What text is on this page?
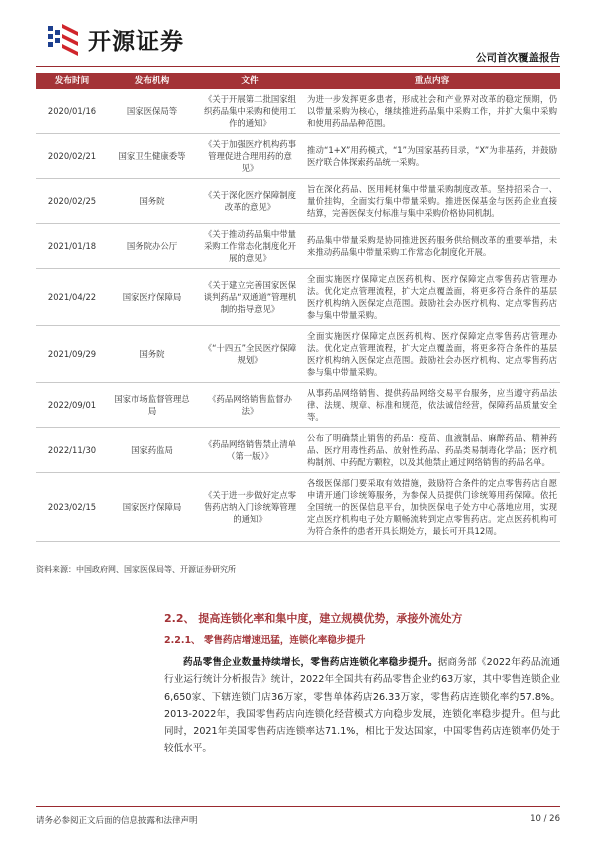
开源证券
公司首次覆盖报告
发布时间	发布机构	文件	重点内容
2020/01/16	国家医保局等	《关于开展第二批国家组织药品集中采购和使用工作的通知》	为进一步发挥更多患者，形成社会和产业界对改革的稳定预期，仍以带量采购为核心，继续推进药品集中采购工作，并扩大集中采购和使用药品品种范围。
2020/02/21	国家卫生健康委等	《关于加强医疗机构药事管理促进合理用药的意见》	推动“1+X”用药模式，“1”为国家基药目录，“X”为非基药，并鼓励医疗联合体探索药品统一采购。
2020/02/25	国务院	《关于深化医疗保障制度改革的意见》	旨在深化药品、医用耗材集中带量采购制度改革。坚持招采合一、量价挂钩，全面实行集中带量采购。推进医保基金与医药企业直接结算，完善医保支付标准与集中采购价格协同机制。
2021/01/18	国务院办公厅	《关于推动药品集中带量采购工作常态化制度化开展的意见》	药品集中带量采购是协同推进医药服务供给侧改革的重要举措，未来推动药品集中带量采购工作常态化制度化开展。
2021/04/22	国家医疗保障局	《关于建立完善国家医保谈判药品“双通道”管理机制的指导意见》	全面实施医疗保障定点医药机构、医疗保障定点零售药店管理办法。优化定点管理流程，扩大定点覆盖面，将更多符合条件的基层医疗机构纳入医保定点范围。鼓励社会办医疗机构、定点零售药店参与集中带量采购。
2021/09/29	国务院	《“十四五”全民医疗保障规划》	全面实施医疗保障定点医药机构、医疗保障定点零售药店管理办法。优化定点管理流程，扩大定点覆盖面，将更多符合条件的基层医疗机构纳入医保定点范围。鼓励社会办医疗机构、定点零售药店参与集中带量采购。
2022/09/01	国家市场监督管理总局	《药品网络销售监督办法》	从事药品网络销售、提供药品网络交易平台服务，应当遵守药品法律、法规、规章、标准和规范，依法诚信经营，保障药品质量安全等。
2022/11/30	国家药监局	《药品网络销售禁止清单（第一版）》	公布了明确禁止销售的药品：疫苗、血液制品、麻醉药品、精神药品、医疗用毒性药品、放射性药品、药品类易制毒化学品；医疗机构制剂、中药配方颗粒，以及其他禁止通过网络销售的药品名单。
2023/02/15	国家医疗保障局	《关于进一步做好定点零售药店纳入门诊统筹管理的通知》	各级医保部门要采取有效措施，鼓励符合条件的定点零售药店自愿申请开通门诊统筹服务，为参保人员提供门诊统筹用药保障。依托全国统一的医保信息平台，加快医保电子处方中心落地应用，实现定点医疗机构电子处方顺畅流转到定点零售药店。定点医药机构可为符合条件的患者开具长期处方，最长可开具12周。
资料来源：中国政府网、国家医保局等、开源证券研究所
2.2、 提高连锁化率和集中度，建立规模优势，承接外流处方
2.2.1、 零售药店增速迅猛，连锁化率稳步提升

药品零售企业数量持续增长，零售药店连锁化率稳步提升。据商务部《2022年药品流通行业运行统计分析报告》统计，2022年全国共有药品零售企业约63万家，其中零售连锁企业6,650家、下辖连锁门店36万家，零售单体药店26.33万家，零售药店连锁化率约57.8%。2013-2022年，我国零售药店向连锁化经营模式方向稳步发展，连锁化率稳步提升。但与此同时，2021年美国零售药店连锁率达71.1%，相比于发达国家，中国零售药店连锁率仍处于较低水平。

请务必参阅正文后面的信息披露和法律声明	10 / 26
